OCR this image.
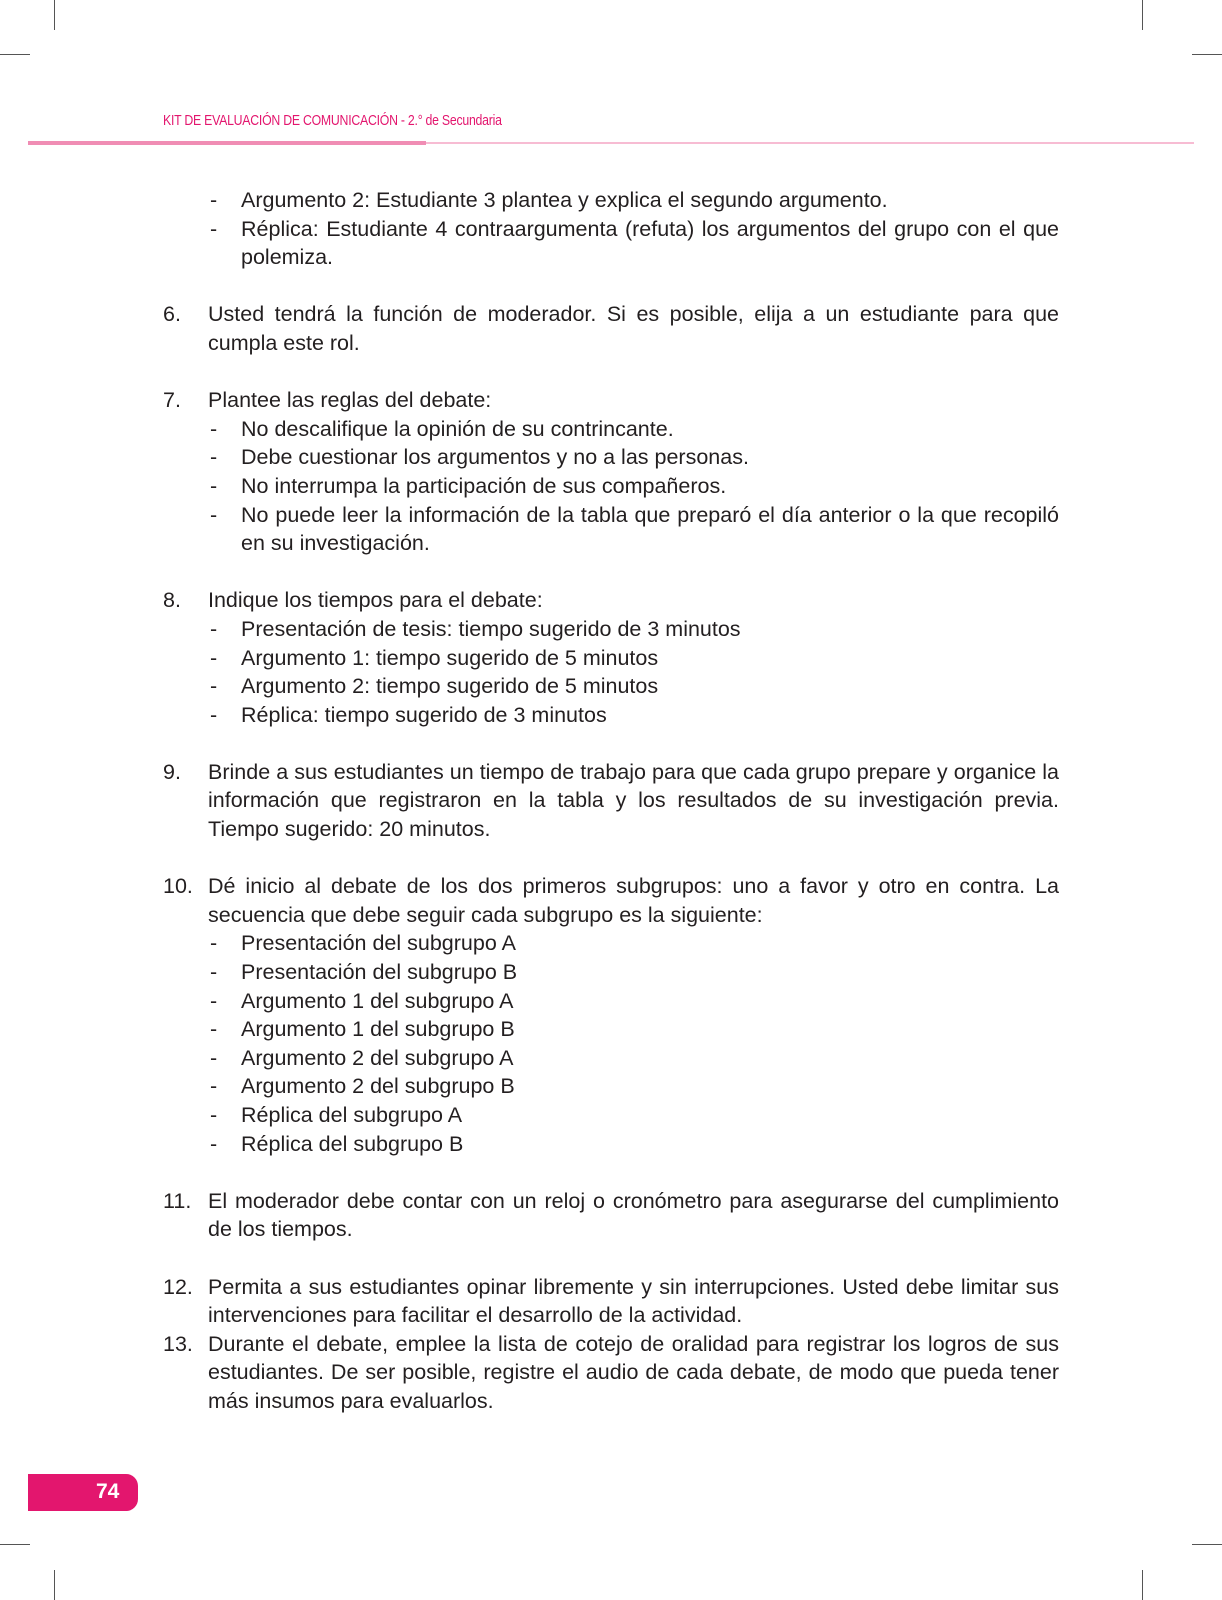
KIT DE EVALUACIÓN DE COMUNICACIÓN - 2.° de Secundaria
-	Argumento 2: Estudiante 3 plantea y explica el segundo argumento.
-	Réplica: Estudiante 4 contraargumenta (refuta) los argumentos del grupo con el que polemiza.
6.	Usted tendrá la función de moderador. Si es posible, elija a un estudiante para que cumpla este rol.
7.	Plantee las reglas del debate:
-	No descalifique la opinión de su contrincante.
-	Debe cuestionar los argumentos y no a las personas.
-	No interrumpa la participación de sus compañeros.
-	No puede leer la información de la tabla que preparó el día anterior o la que recopiló en su investigación.
8.	Indique los tiempos para el debate:
-	Presentación de tesis: tiempo sugerido de 3 minutos
-	Argumento 1: tiempo sugerido de 5 minutos
-	Argumento 2: tiempo sugerido de 5 minutos
-	Réplica: tiempo sugerido de 3 minutos
9.	Brinde a sus estudiantes un tiempo de trabajo para que cada grupo prepare y organice la información que registraron en la tabla y los resultados de su investigación previa. Tiempo sugerido: 20 minutos.
10. Dé inicio al debate de los dos primeros subgrupos: uno a favor y otro en contra. La secuencia que debe seguir cada subgrupo es la siguiente:
-	Presentación del subgrupo A
-	Presentación del subgrupo B
-	Argumento 1 del subgrupo A
-	Argumento 1 del subgrupo B
-	Argumento 2 del subgrupo A
-	Argumento 2 del subgrupo B
-	Réplica del subgrupo A
-	Réplica del subgrupo B
11. El moderador debe contar con un reloj o cronómetro para asegurarse del cumplimiento de los tiempos.
12. Permita a sus estudiantes opinar libremente y sin interrupciones. Usted debe limitar sus intervenciones para facilitar el desarrollo de la actividad.
13. Durante el debate, emplee la lista de cotejo de oralidad para registrar los logros de sus estudiantes. De ser posible, registre el audio de cada debate, de modo que pueda tener más insumos para evaluarlos.
74
